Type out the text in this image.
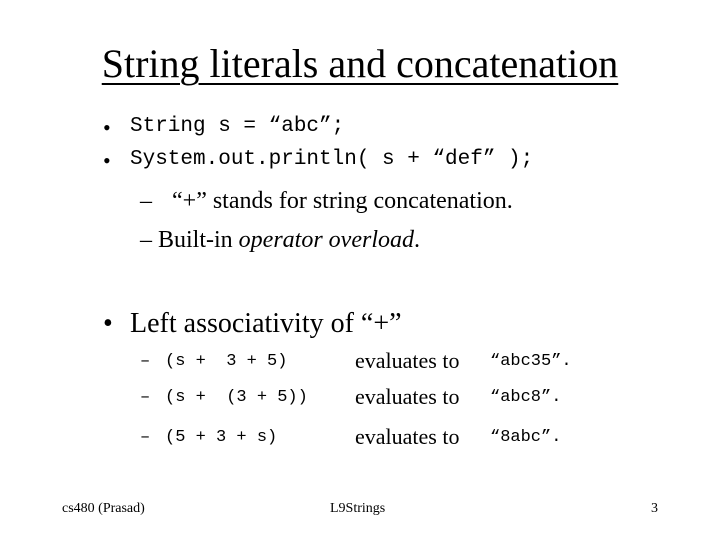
String literals and concatenation
• String s = “abc”;
• System.out.println( s + “def” );
– “+” stands for string concatenation.
– Built-in operator overload.
• Left associativity of “+”
– (s +  3 + 5)	evaluates to “abc35”.
– (s +  (3 + 5)) evaluates to “abc8”.
– (5 + 3 + s)	evaluates to “8abc”.
cs480 (Prasad)	L9Strings	3
